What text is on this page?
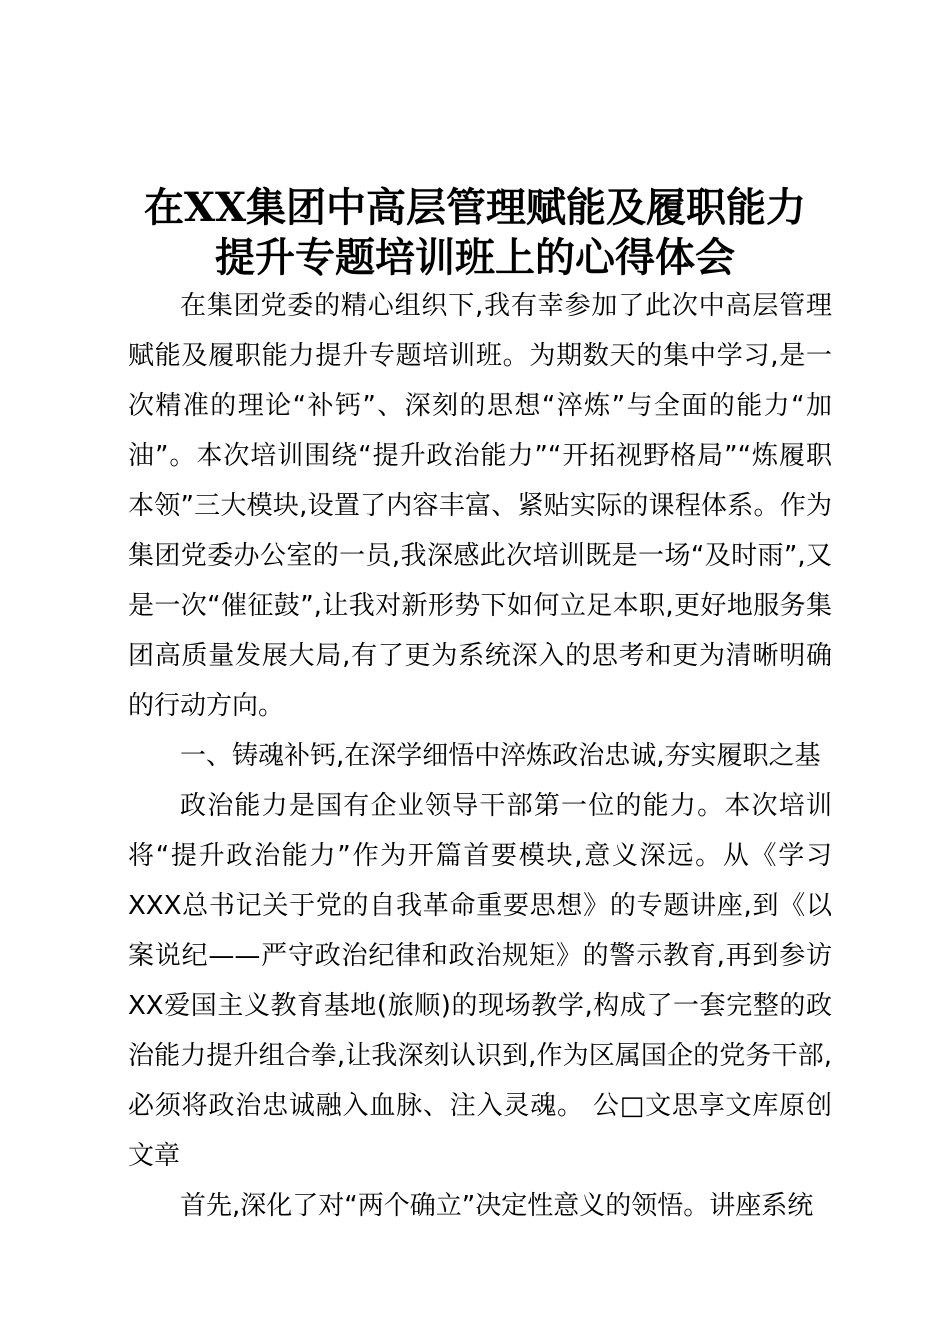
在XX集团中高层管理赋能及履职能力
提升专题培训班上的心得体会

在集团党委的精心组织下,我有幸参加了此次中高层管理赋能及履职能力提升专题培训班。为期数天的集中学习,是一次精准的理论“补钙”、深刻的思想“淬炼”与全面的能力“加油”。本次培训围绕“提升政治能力”“开拓视野格局”“炼履职本领”三大模块,设置了内容丰富、紧贴实际的课程体系。作为集团党委办公室的一员,我深感此次培训既是一场“及时雨”,又是一次“催征鼓”,让我对新形势下如何立足本职,更好地服务集团高质量发展大局,有了更为系统深入的思考和更为清晰明确的行动方向。

一、铸魂补钙,在深学细悟中淬炼政治忠诚,夯实履职之基

政治能力是国有企业领导干部第一位的能力。本次培训将“提升政治能力”作为开篇首要模块,意义深远。从《学习XXX总书记关于党的自我革命重要思想》的专题讲座,到《以案说纪——严守政治纪律和政治规矩》的警示教育,再到参访XX爱国主义教育基地(旅顺)的现场教学,构成了一套完整的政治能力提升组合拳,让我深刻认识到,作为区属国企的党务干部,必须将政治忠诚融入血脉、注入灵魂。 公□文思享文库原创文章

首先,深化了对“两个确立”决定性意义的领悟。讲座系统
